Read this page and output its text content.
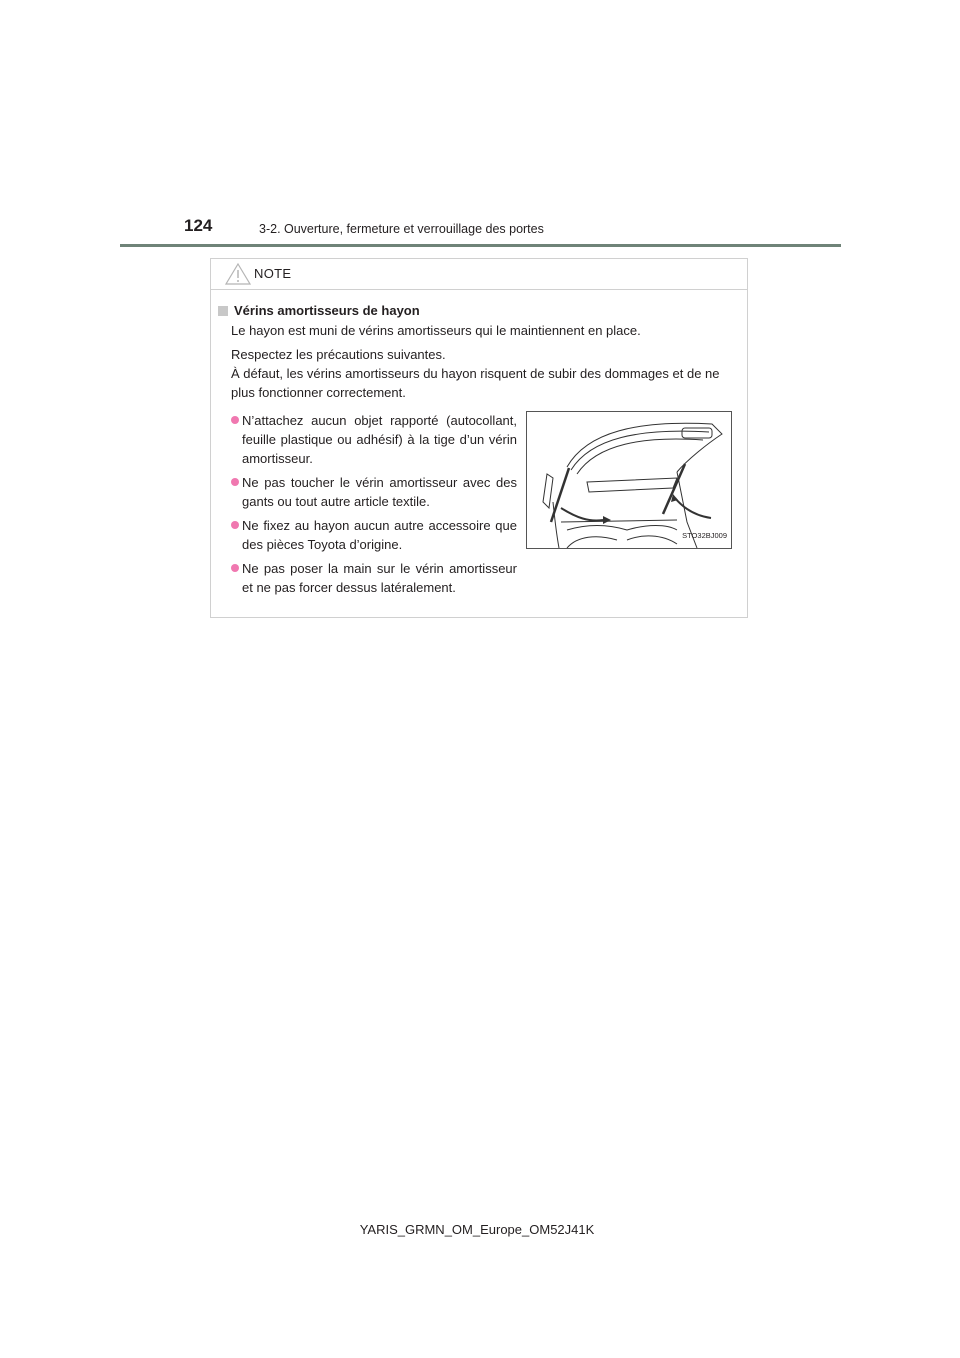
124	3-2. Ouverture, fermeture et verrouillage des portes
NOTE
Vérins amortisseurs de hayon

Le hayon est muni de vérins amortisseurs qui le maintiennent en place.

Respectez les précautions suivantes.
À défaut, les vérins amortisseurs du hayon risquent de subir des dommages et de ne plus fonctionner correctement.

N’attachez aucun objet rapporté (autocollant, feuille plastique ou adhésif) à la tige d’un vérin amortisseur.
Ne pas toucher le vérin amortisseur avec des gants ou tout autre article textile.
Ne fixez au hayon aucun autre accessoire que des pièces Toyota d’origine.
Ne pas poser la main sur le vérin amortisseur et ne pas forcer dessus latéralement.
STO32BJ009
YARIS_GRMN_OM_Europe_OM52J41K
